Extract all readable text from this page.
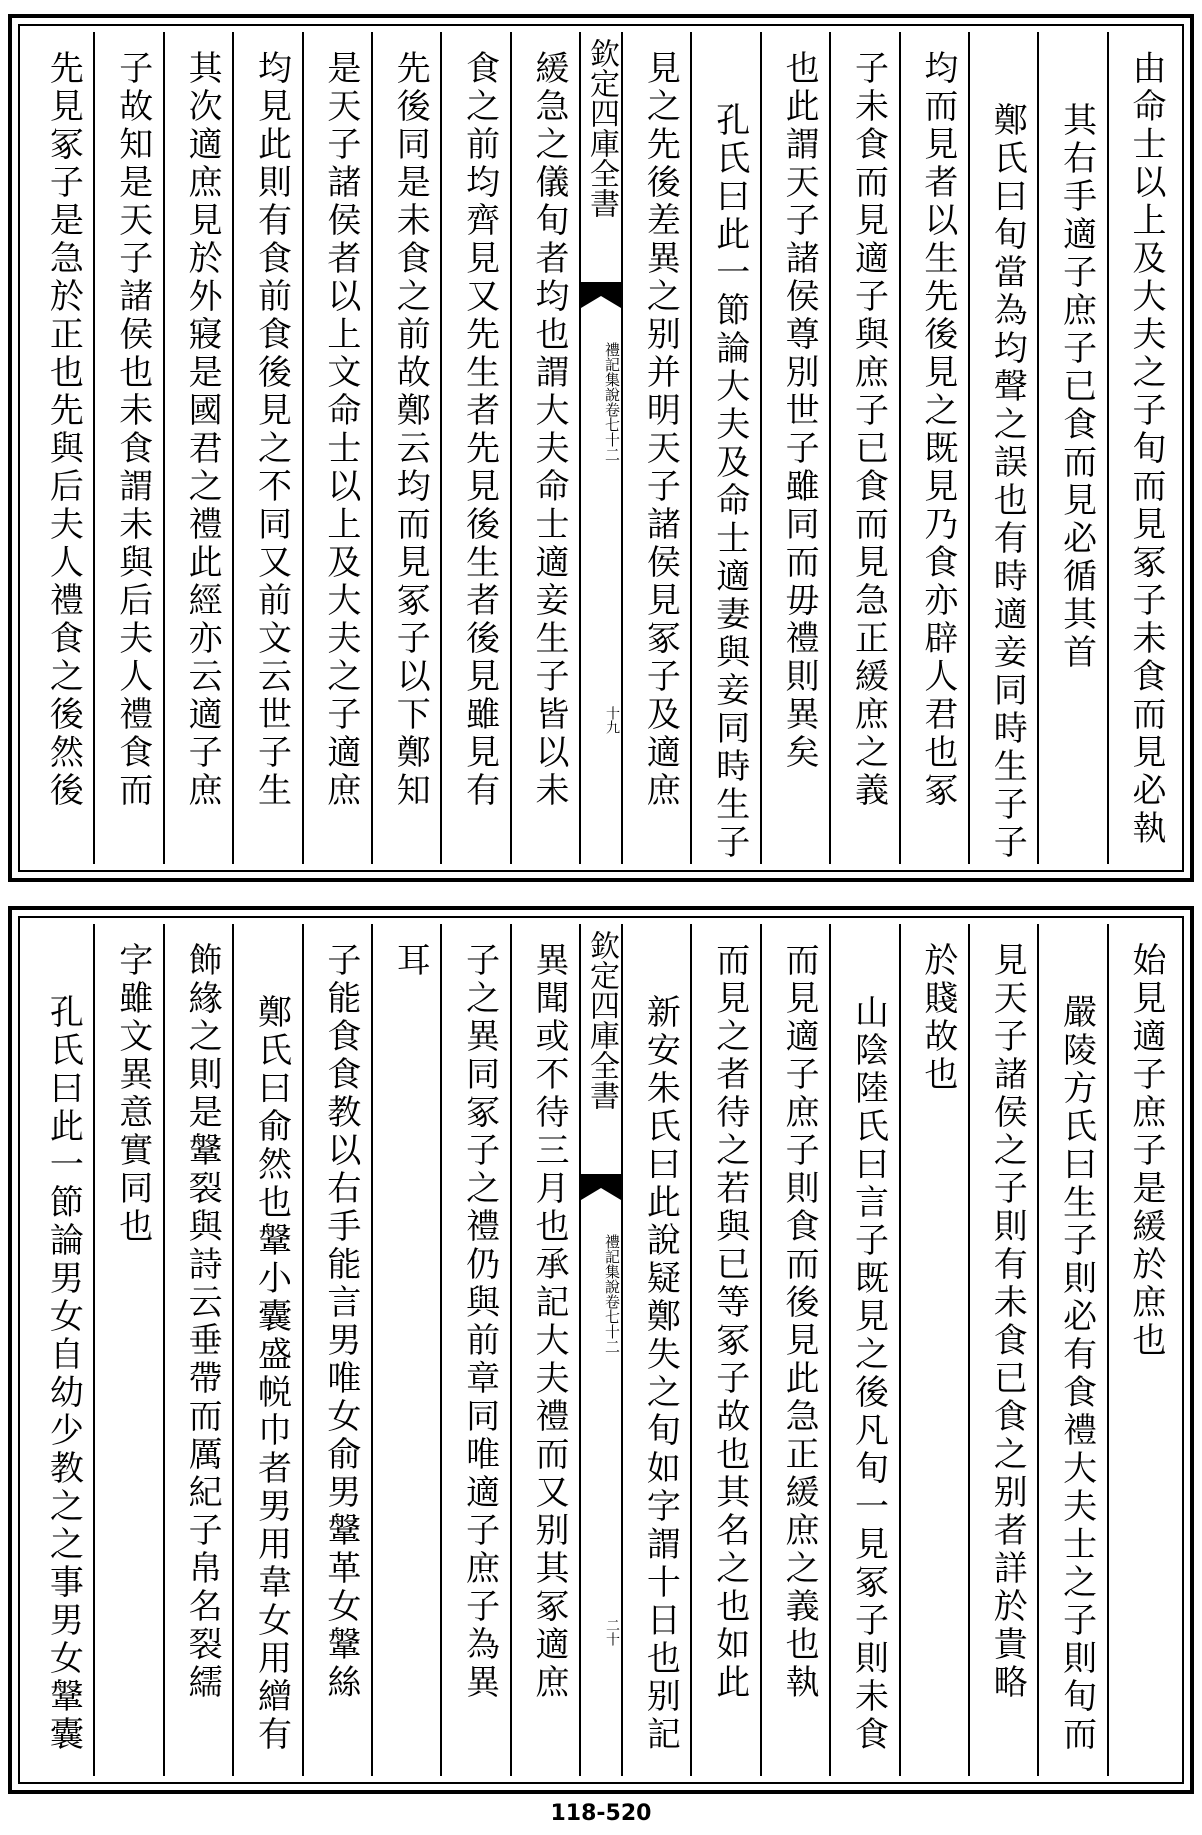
由命士以上及大夫之子旬而見冢子未食而見必執
其右手適子庶子已食而見必循其首
鄭氏曰旬當為均聲之誤也有時適妾同時生子子
均而見者以生先後見之既見乃食亦辟人君也冢
子未食而見適子與庶子已食而見急正緩庶之義
也此謂天子諸侯尊別世子雖同而毋禮則異矣
孔氏曰此一節論大夫及命士適妻與妾同時生子
見之先後差異之别并明天子諸侯見冢子及適庶
欽定四庫全書
禮記集說卷七十二
十九
緩急之儀旬者均也謂大夫命士適妾生子皆以未
食之前均齊見又先生者先見後生者後見雖見有
先後同是未食之前故鄭云均而見冢子以下鄭知
是天子諸侯者以上文命士以上及大夫之子適庶
均見此則有食前食後見之不同又前文云世子生
其次適庶見於外寢是國君之禮此經亦云適子庶
子故知是天子諸侯也未食謂未與后夫人禮食而
先見冢子是急於正也先與后夫人禮食之後然後
始見適子庶子是緩於庶也
嚴陵方氏曰生子則必有食禮大夫士之子則旬而
見天子諸侯之子則有未食已食之别者詳於貴略
於賤故也
山陰陸氏曰言子既見之後凡旬一見冢子則未食
而見適子庶子則食而後見此急正緩庶之義也執
而見之者待之若與已等冢子故也其名之也如此
新安朱氏曰此說疑鄭失之旬如字謂十日也别記
欽定四庫全書
禮記集說卷七十二
二十
異聞或不待三月也承記大夫禮而又别其冢適庶
子之異同冢子之禮仍與前章同唯適子庶子為異
耳
子能食食教以右手能言男唯女俞男鞶革女鞶絲
鄭氏曰俞然也鞶小囊盛帨巾者男用韋女用繒有
飾緣之則是鞶裂與詩云垂帶而厲紀子帛名裂繻
字雖文異意實同也
孔氏曰此一節論男女自幼少教之之事男女鞶囊
118-520
